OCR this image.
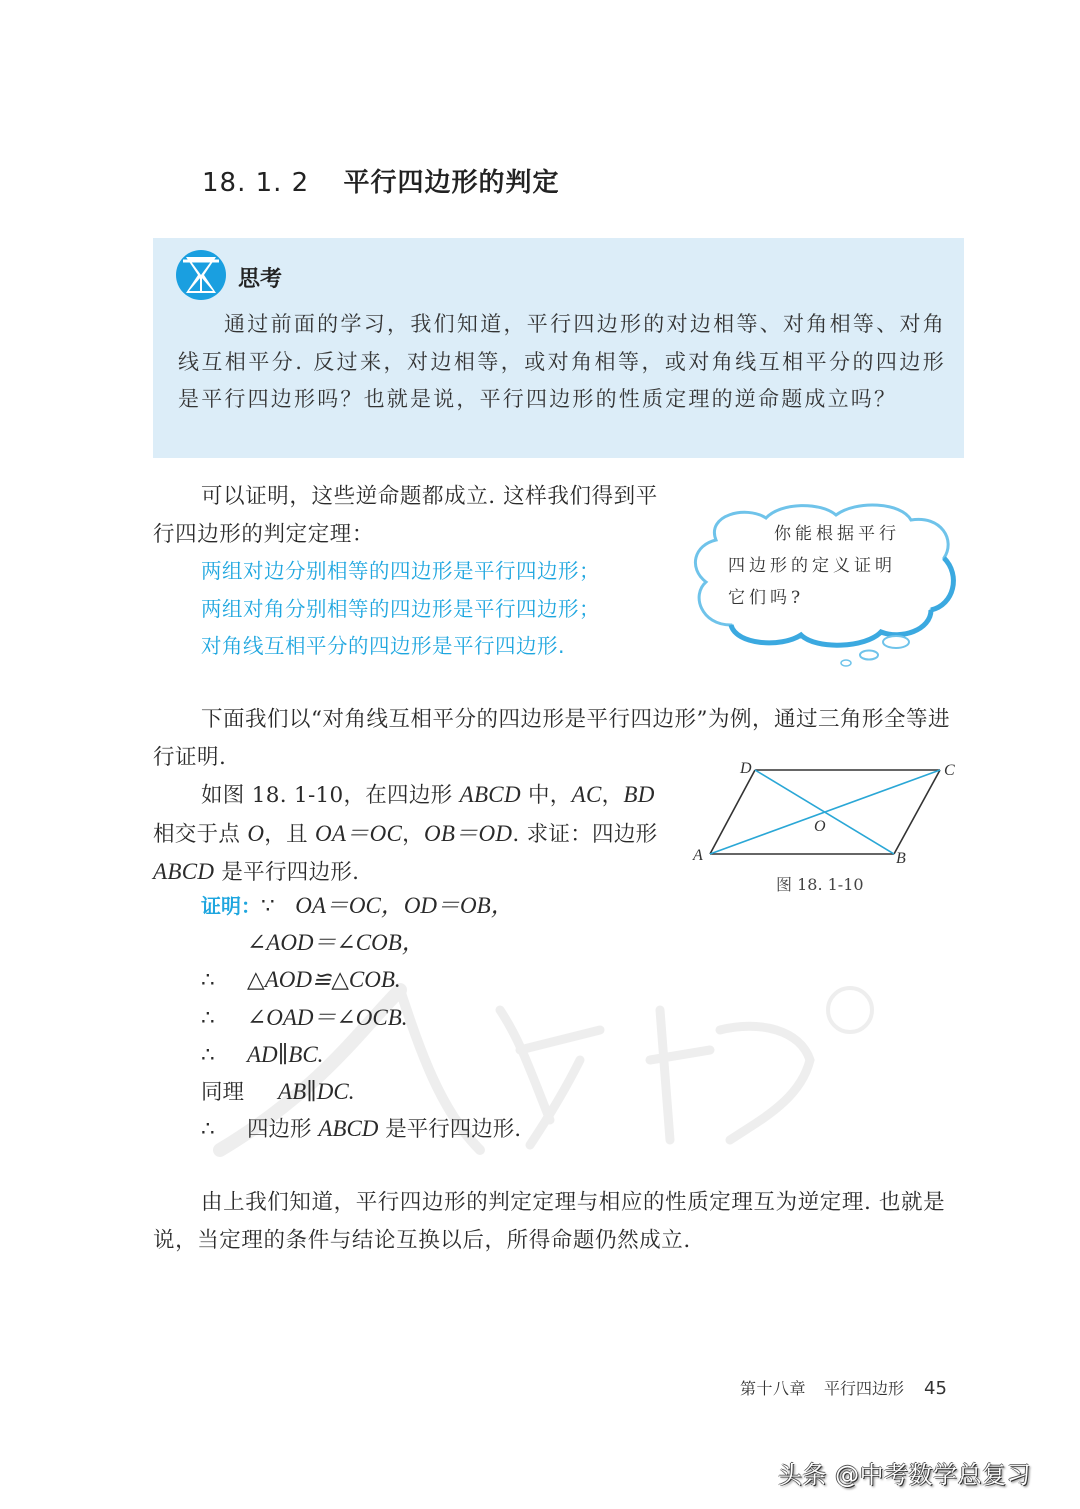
18. 1. 2 平行四边形的判定
思考
通过前面的学习，我们知道，平行四边形的对边相等、对角相等、对角线互相平分. 反过来，对边相等，或对角相等，或对角线互相平分的四边形是平行四边形吗？也就是说，平行四边形的性质定理的逆命题成立吗？
可以证明，这些逆命题都成立. 这样我们得到平行四边形的判定定理：
两组对边分别相等的四边形是平行四边形；
两组对角分别相等的四边形是平行四边形；
对角线互相平分的四边形是平行四边形.
你能根据平行
四边形的定义证明
它们吗?
下面我们以“对角线互相平分的四边形是平行四边形”为例，通过三角形全等进行证明.
如图 18. 1-10，在四边形 ABCD 中，AC，BD 相交于点 O，且 OA＝OC，OB＝OD. 求证：四边形 ABCD 是平行四边形.
A	B
C
D
O
图 18. 1-10
证明：∵ OA＝OC，OD＝OB，
∠AOD＝∠COB，
∴ △AOD≌△COB.
∴ ∠OAD＝∠OCB.
∴ AD∥BC.
同理 AB∥DC.
∴ 四边形 ABCD 是平行四边形.
由上我们知道，平行四边形的判定定理与相应的性质定理互为逆定理. 也就是说，当定理的条件与结论互换以后，所得命题仍然成立.
第十八章 平行四边形 45
头条 @中考数学总复习
